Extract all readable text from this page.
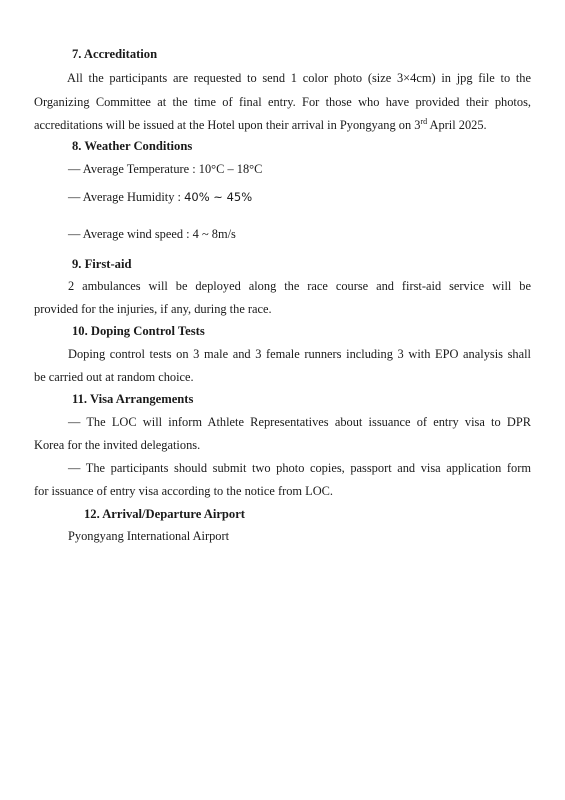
7. Accreditation
All the participants are requested to send 1 color photo (size 3×4cm) in jpg file to the
Organizing Committee at the time of final entry. For those who have provided their photos,
accreditations will be issued at the Hotel upon their arrival in Pyongyang on 3rd April 2025.
8. Weather Conditions
— Average Temperature : 10°C – 18°C
— Average Humidity : 40% ~ 45%
— Average wind speed : 4 ~ 8m/s
9. First-aid
2 ambulances will be deployed along the race course and first-aid service will be
provided for the injuries, if any, during the race.
10. Doping Control Tests
Doping control tests on 3 male and 3 female runners including 3 with EPO analysis shall
be carried out at random choice.
11. Visa Arrangements
— The LOC will inform Athlete Representatives about issuance of entry visa to DPR
Korea for the invited delegations.
— The participants should submit two photo copies, passport and visa application form
for issuance of entry visa according to the notice from LOC.
12. Arrival/Departure Airport
Pyongyang International Airport
